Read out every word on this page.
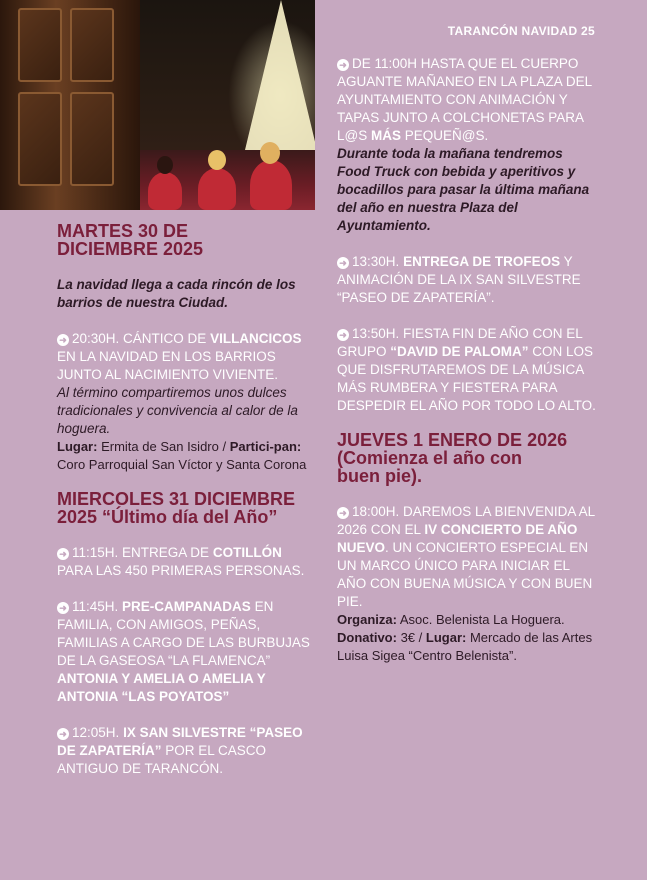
TARANCÓN NAVIDAD 25
MARTES 30 DE
DICIEMBRE 2025
La navidad llega a cada rincón de los barrios de nuestra Ciudad.
➜ 20:30H. CÁNTICO DE VILLANCICOS EN LA NAVIDAD EN LOS BARRIOS JUNTO AL NACIMIENTO VIVIENTE.
Al término compartiremos unos dulces tradicionales y convivencia al calor de la hoguera.
Lugar: Ermita de San Isidro / Partici-pan: Coro Parroquial San Víctor y Santa Corona
MIERCOLES 31 DICIEMBRE
2025 “Último día del Año”
➜ 11:15H. ENTREGA DE COTILLÓN PARA LAS 450 PRIMERAS PERSONAS.
➜ 11:45H. PRE-CAMPANADAS EN FAMILIA, CON AMIGOS, PEÑAS, FAMILIAS A CARGO DE LAS BURBUJAS DE LA GASEOSA “LA FLAMENCA” ANTONIA Y AMELIA O AMELIA Y ANTONIA “LAS POYATOS”
➜ 12:05H. IX SAN SILVESTRE “PASEO DE ZAPATERÍA” POR EL CASCO ANTIGUO DE TARANCÓN.
➜ DE 11:00H HASTA QUE EL CUERPO AGUANTE MAÑANEO EN LA PLAZA DEL AYUNTAMIENTO CON ANIMACIÓN Y TAPAS JUNTO A COLCHONETAS PARA L@S MÁS PEQUEÑ@S.
Durante toda la mañana tendremos Food Truck con bebida y aperitivos y bocadillos para pasar la última mañana del año en nuestra Plaza del Ayuntamiento.
➜ 13:30H. ENTREGA DE TROFEOS Y ANIMACIÓN DE LA IX SAN SILVESTRE “PASEO DE ZAPATERÍA”.
➜ 13:50H. FIESTA FIN DE AÑO CON EL GRUPO “DAVID DE PALOMA” CON LOS QUE DISFRUTAREMOS DE LA MÚSICA MÁS RUMBERA Y FIESTERA PARA DESPEDIR EL AÑO POR TODO LO ALTO.
JUEVES 1 ENERO DE 2026
(Comienza el año con
buen pie).
➜ 18:00H. DAREMOS LA BIENVENIDA AL 2026 CON EL IV CONCIERTO DE AÑO NUEVO. UN CONCIERTO ESPECIAL EN UN MARCO ÚNICO PARA INICIAR EL AÑO CON BUENA MÚSICA Y CON BUEN PIE.
Organiza: Asoc. Belenista La Hoguera.
Donativo: 3€ / Lugar: Mercado de las Artes Luisa Sigea “Centro Belenista”.
